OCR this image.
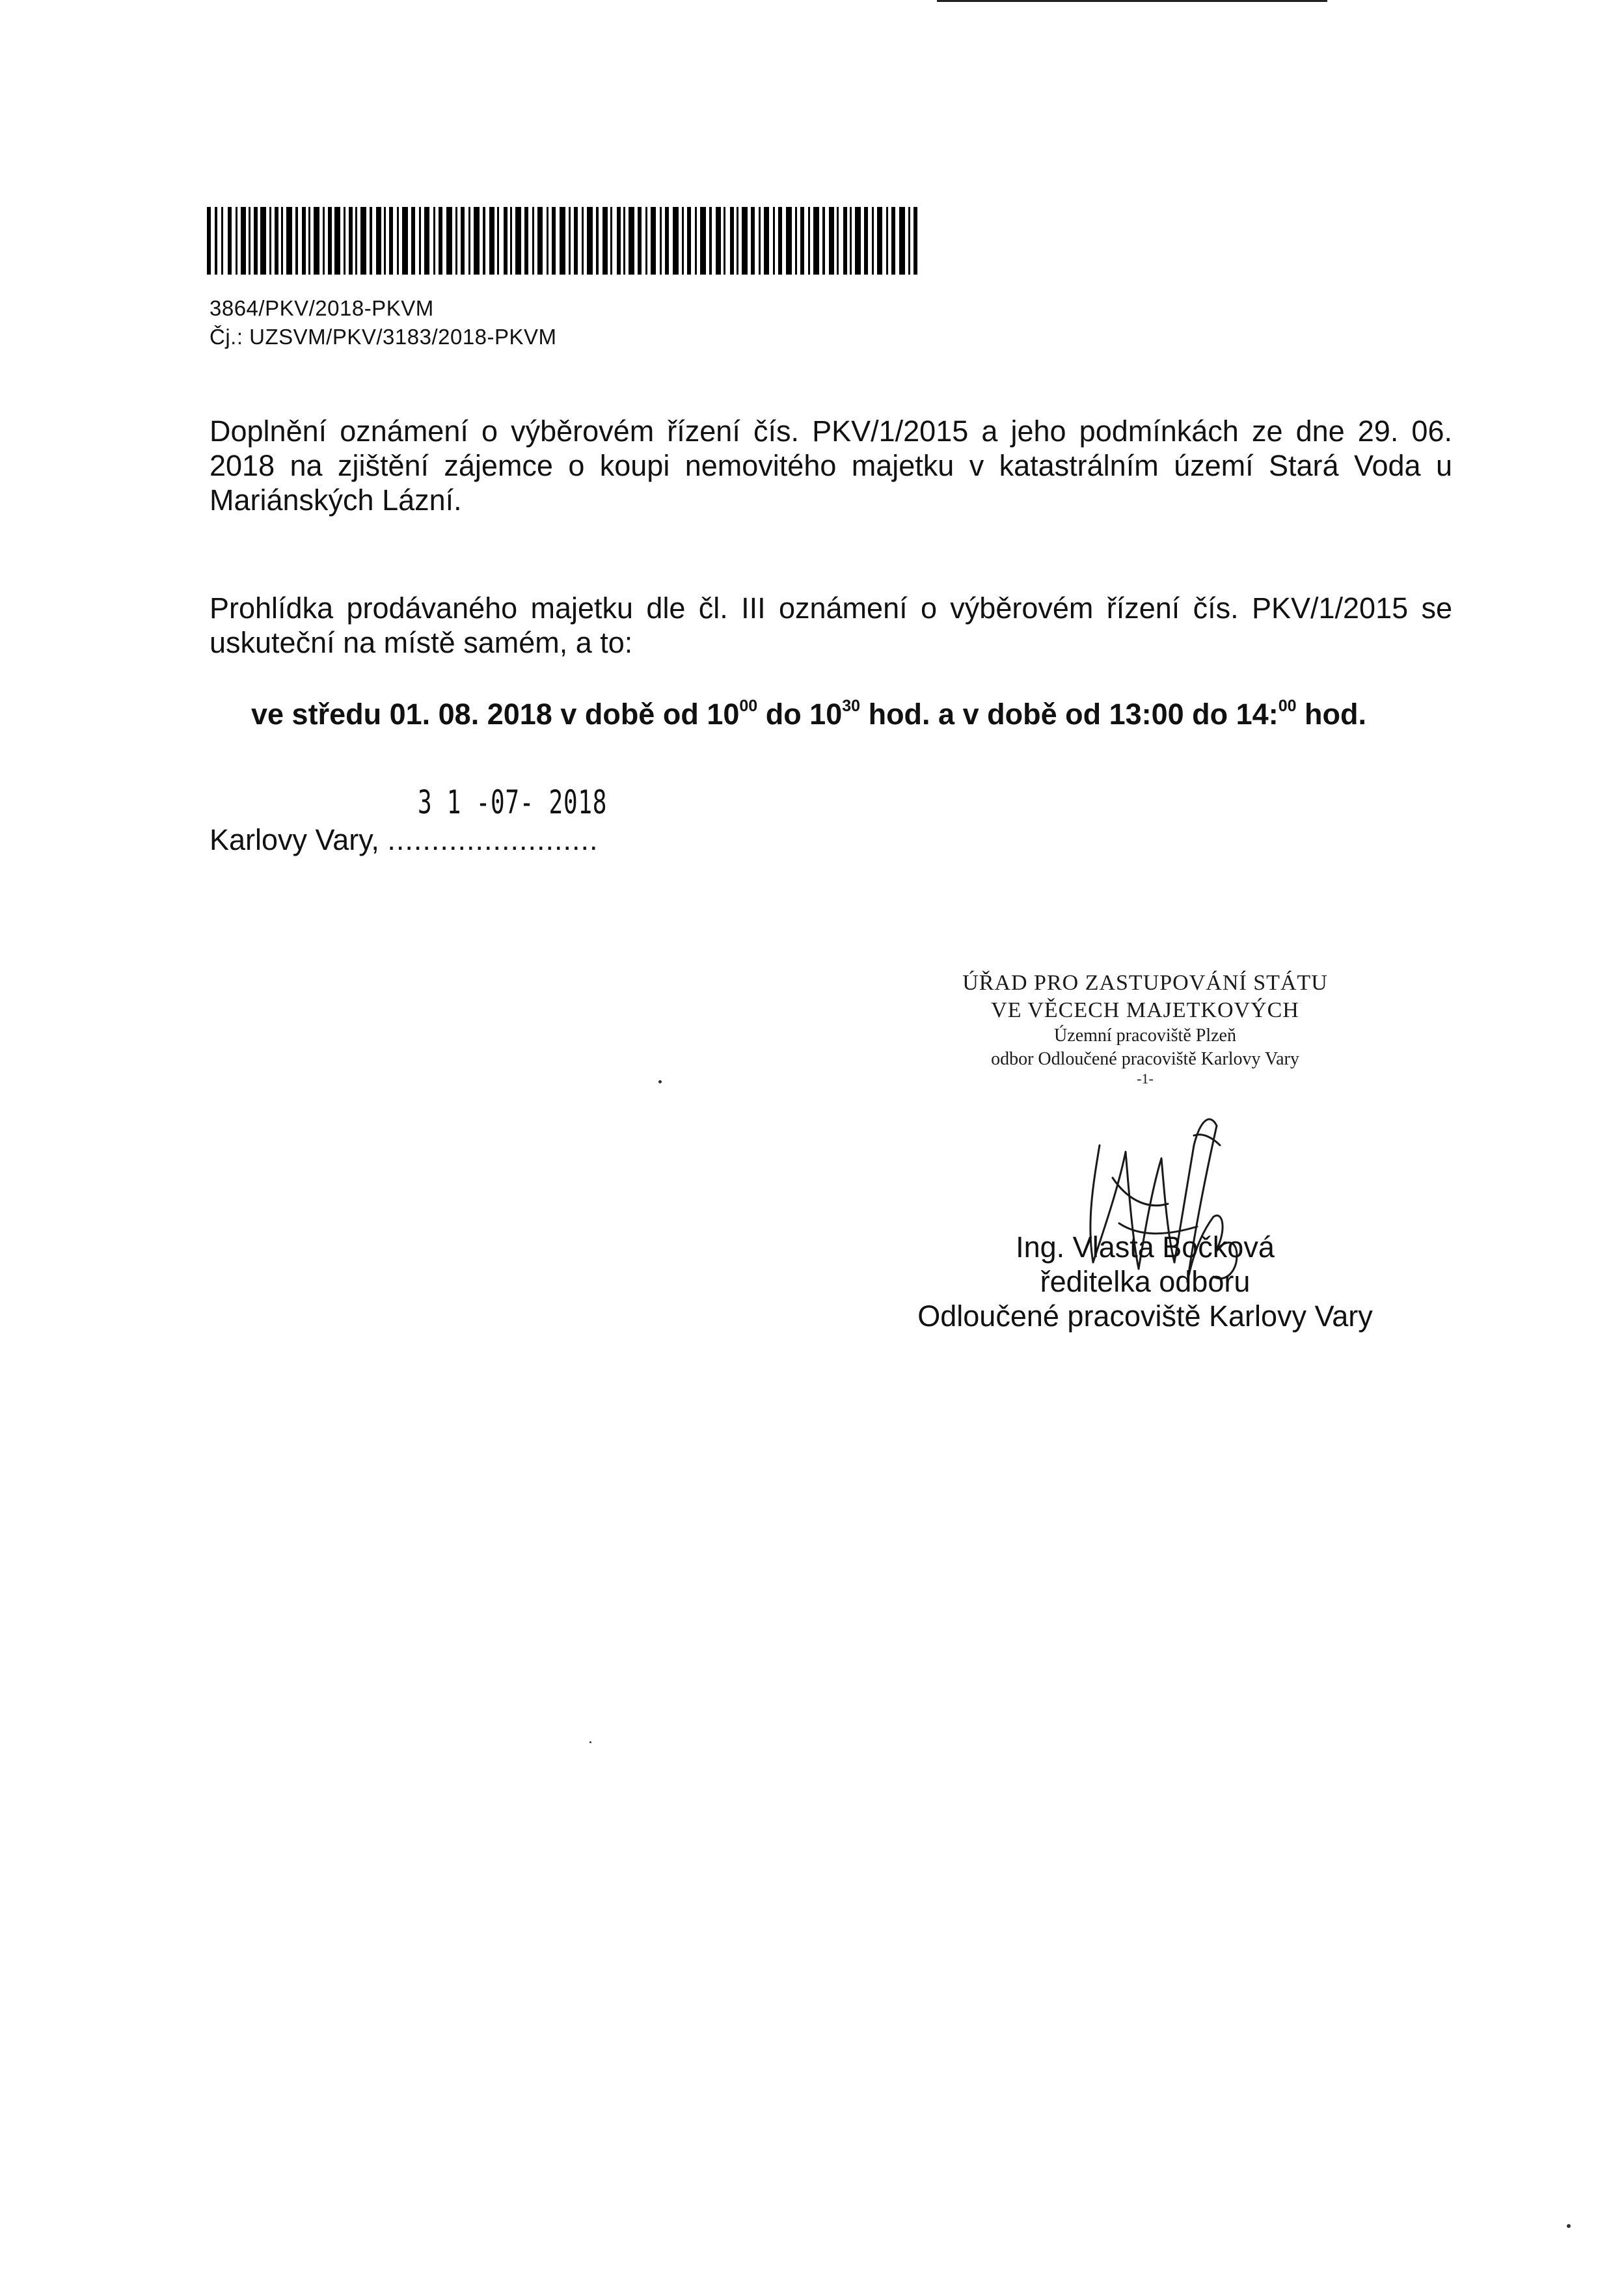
3864/PKV/2018-PKVM
Čj.: UZSVM/PKV/3183/2018-PKVM
Doplnění oznámení o výběrovém řízení čís. PKV/1/2015 a jeho podmínkách ze dne 29. 06. 2018 na zjištění zájemce o koupi nemovitého majetku v katastrálním území Stará Voda u Mariánských Lázní.
Prohlídka prodávaného majetku dle čl. III oznámení o výběrovém řízení čís. PKV/1/2015 se uskuteční na místě samém, a to:
ve středu 01. 08. 2018 v době od $10^{00}$ do $10^{30}$ hod. a v době od 13:00 do 14:$^{00}$ hod.
3 1 -07- 2018
Karlovy Vary, ........................
ÚŘAD PRO ZASTUPOVÁNÍ STÁTU
VE VĚCECH MAJETKOVÝCH
Územní pracoviště Plzeň
odbor Odloučené pracoviště Karlovy Vary
-1-
Ing. Vlasta Bočková
ředitelka odboru
Odloučené pracoviště Karlovy Vary
